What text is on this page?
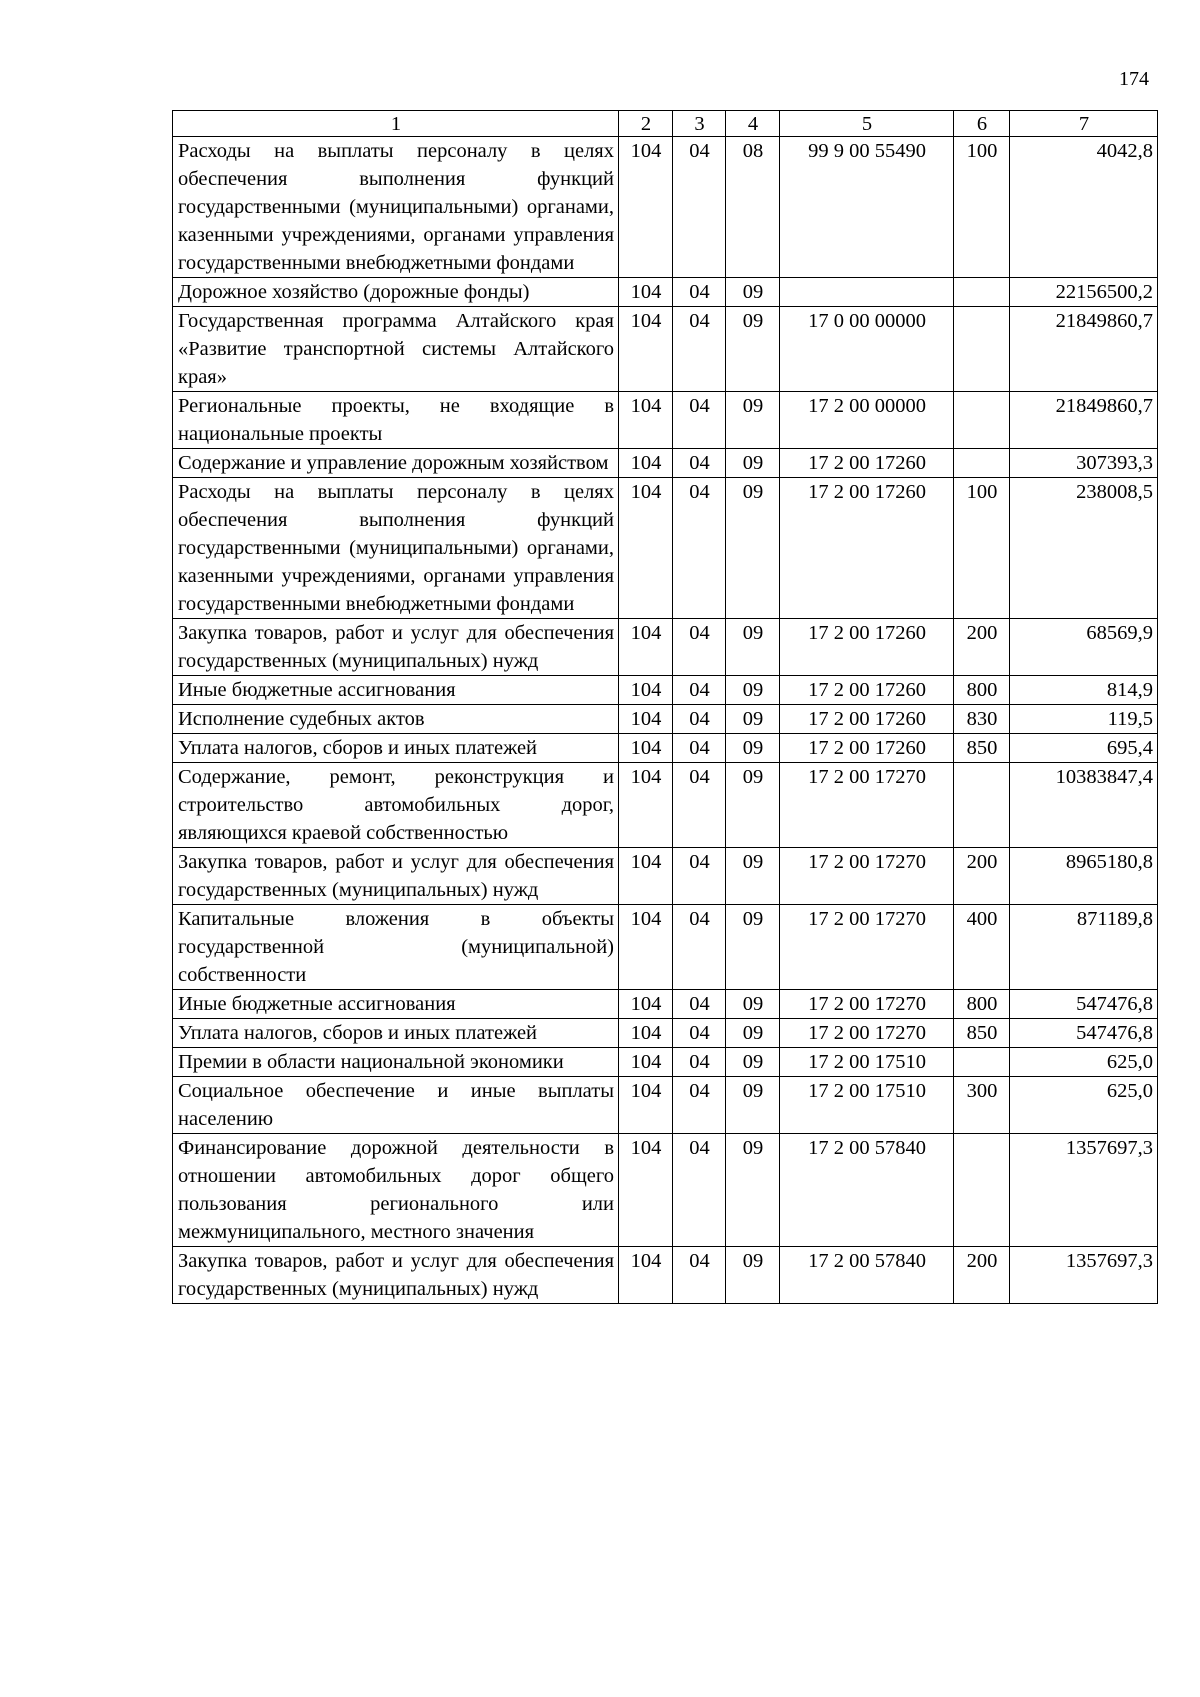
174
1	2	3	4	5	6	7
Расходы на выплаты персоналу в целях обеспечения выполнения функций государственными (муниципальными) органами, казенными учреждениями, органами управления государственными внебюджетными фондами	104	04	08	99 9 00 55490	100	4042,8
Дорожное хозяйство (дорожные фонды)	104	04	09			22156500,2
Государственная программа Алтайского края «Развитие транспортной системы Алтайского края»	104	04	09	17 0 00 00000		21849860,7
Региональные проекты, не входящие в национальные проекты	104	04	09	17 2 00 00000		21849860,7
Содержание и управление дорожным хозяйством	104	04	09	17 2 00 17260		307393,3
Расходы на выплаты персоналу в целях обеспечения выполнения функций государственными (муниципальными) органами, казенными учреждениями, органами управления государственными внебюджетными фондами	104	04	09	17 2 00 17260	100	238008,5
Закупка товаров, работ и услуг для обеспечения государственных (муниципальных) нужд	104	04	09	17 2 00 17260	200	68569,9
Иные бюджетные ассигнования	104	04	09	17 2 00 17260	800	814,9
Исполнение судебных актов	104	04	09	17 2 00 17260	830	119,5
Уплата налогов, сборов и иных платежей	104	04	09	17 2 00 17260	850	695,4
Содержание, ремонт, реконструкция и строительство автомобильных дорог, являющихся краевой собственностью	104	04	09	17 2 00 17270		10383847,4
Закупка товаров, работ и услуг для обеспечения государственных (муниципальных) нужд	104	04	09	17 2 00 17270	200	8965180,8
Капитальные вложения в объекты государственной (муниципальной) собственности	104	04	09	17 2 00 17270	400	871189,8
Иные бюджетные ассигнования	104	04	09	17 2 00 17270	800	547476,8
Уплата налогов, сборов и иных платежей	104	04	09	17 2 00 17270	850	547476,8
Премии в области национальной экономики	104	04	09	17 2 00 17510		625,0
Социальное обеспечение и иные выплаты населению	104	04	09	17 2 00 17510	300	625,0
Финансирование дорожной деятельности в отношении автомобильных дорог общего пользования регионального или межмуниципального, местного значения	104	04	09	17 2 00 57840		1357697,3
Закупка товаров, работ и услуг для обеспечения государственных (муниципальных) нужд	104	04	09	17 2 00 57840	200	1357697,3
